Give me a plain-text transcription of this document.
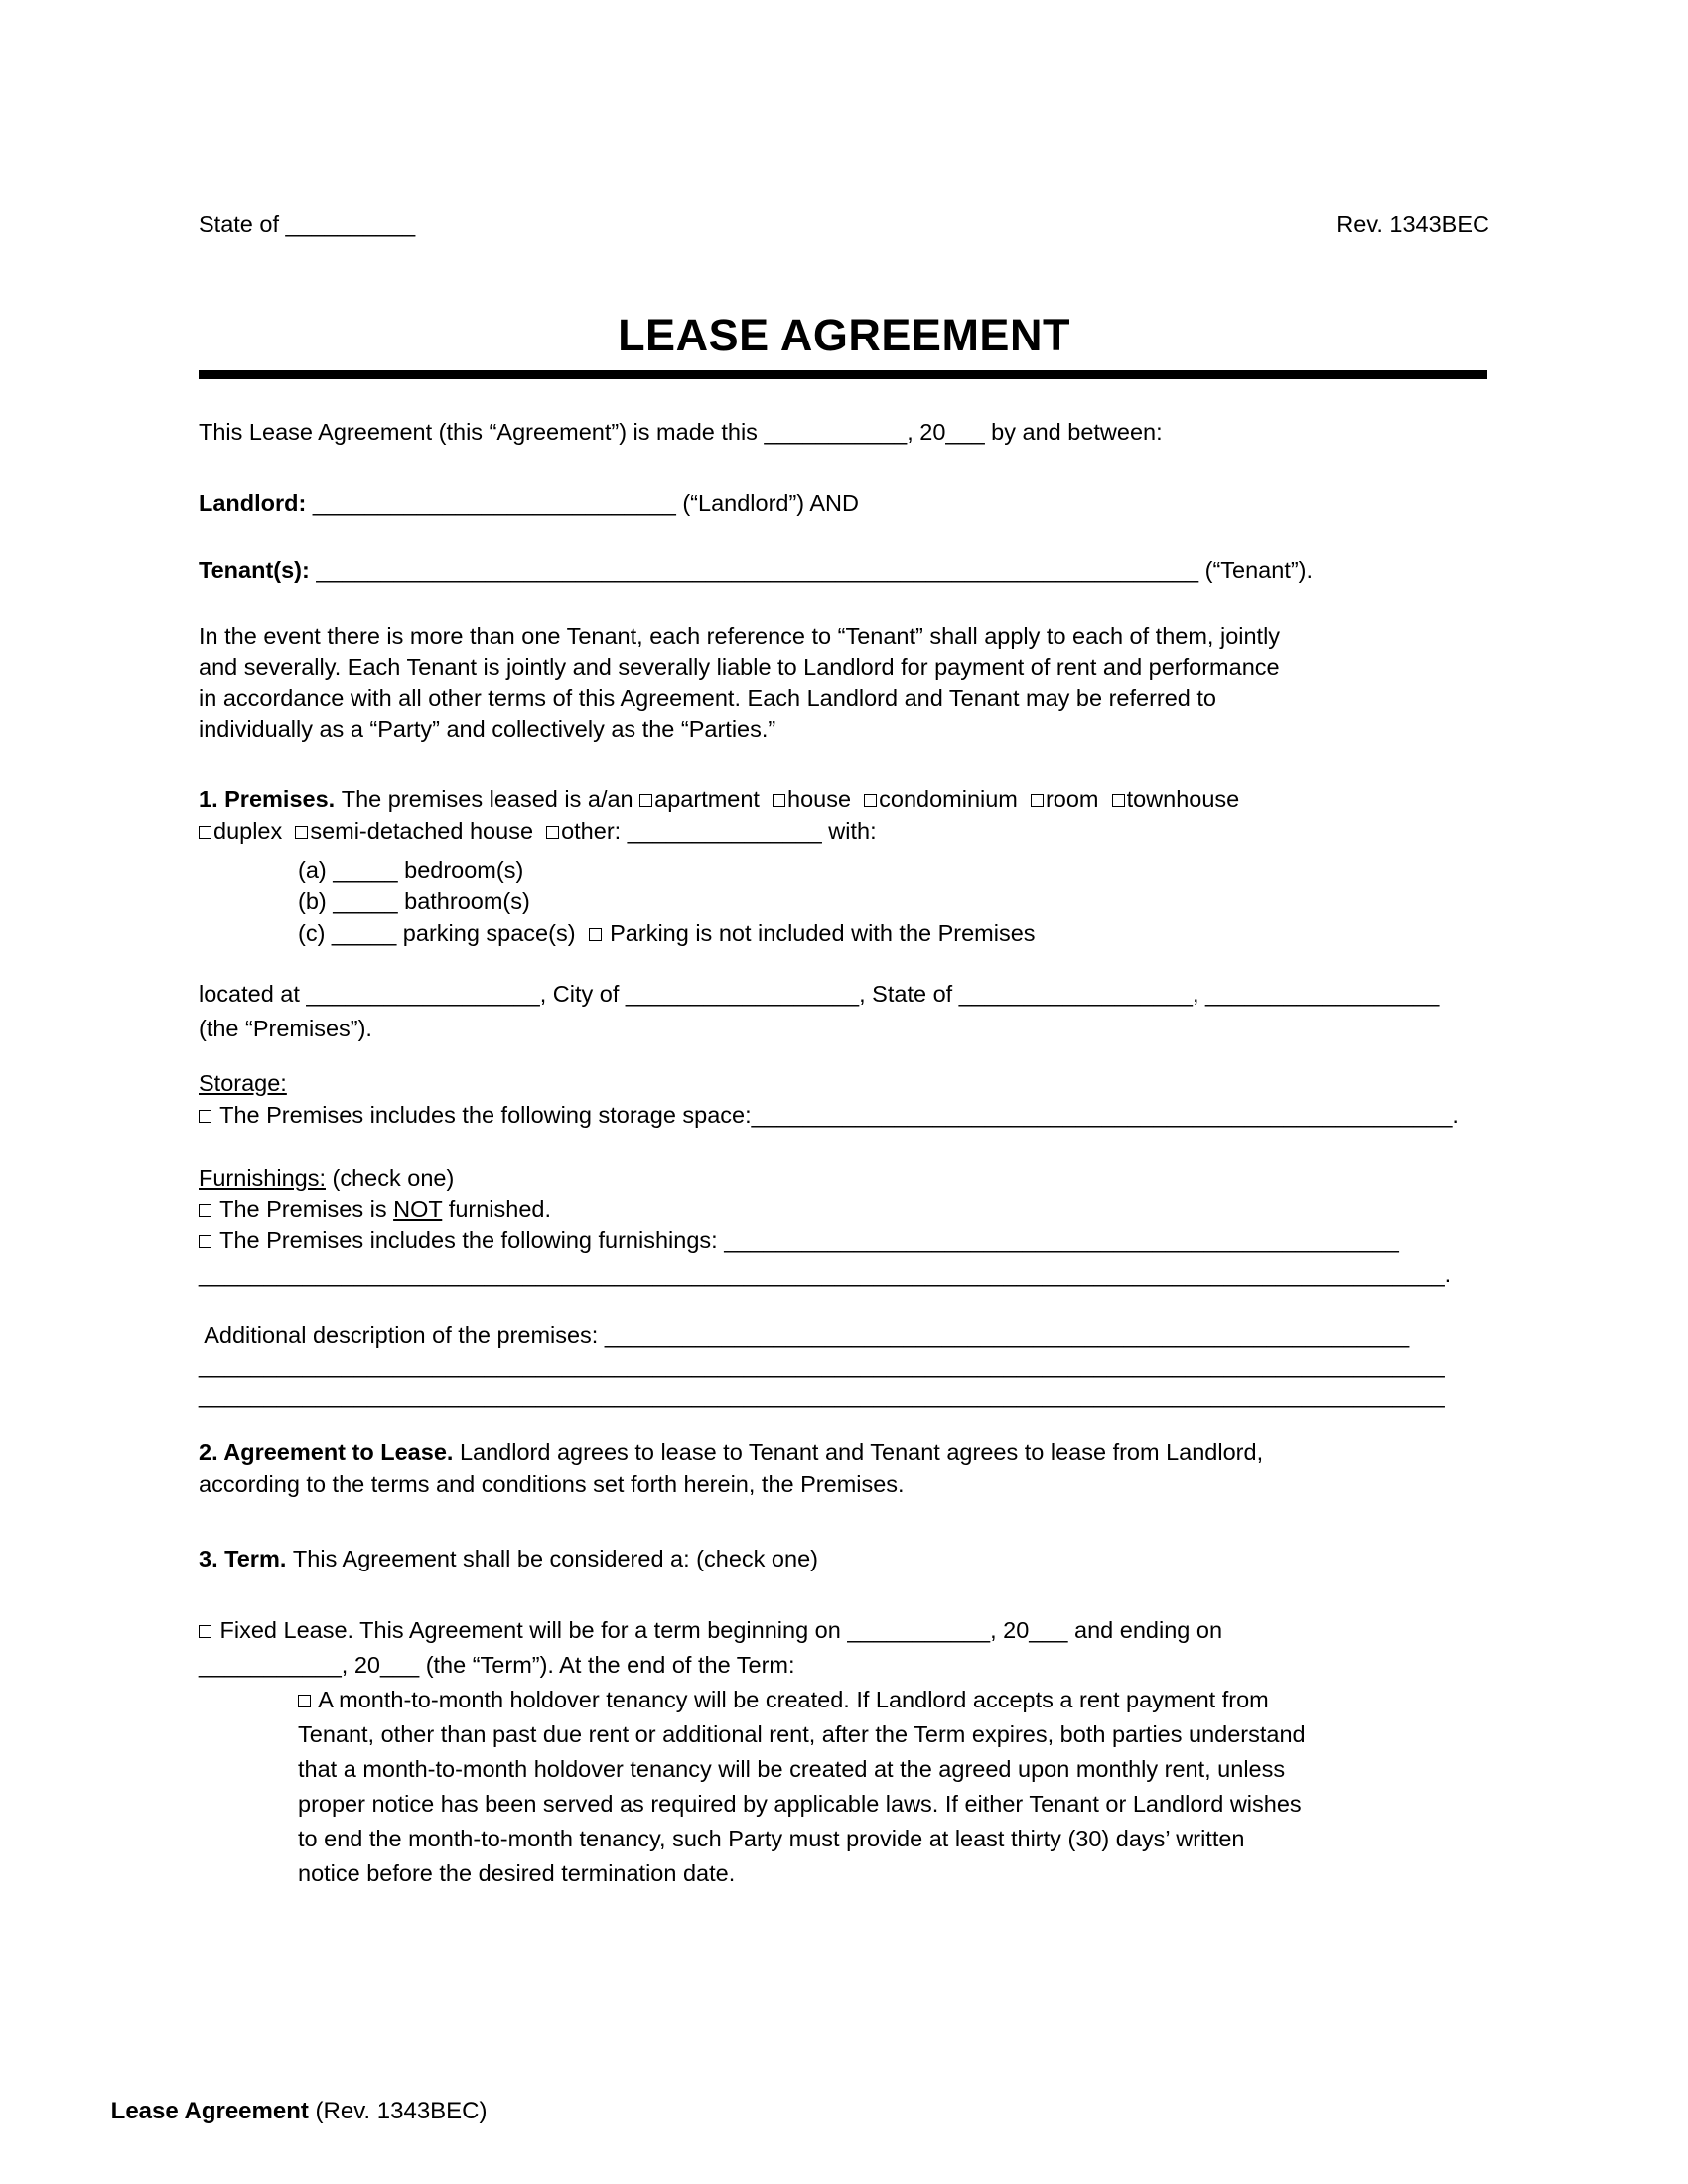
State of __________	Rev. 1343BEC
LEASE AGREEMENT
This Lease Agreement (this “Agreement”) is made this ___________, 20___ by and between:
Landlord: ____________________________ (“Landlord”) AND
Tenant(s): ____________________________________________________________________ (“Tenant”).
In the event there is more than one Tenant, each reference to “Tenant” shall apply to each of them, jointly
and severally. Each Tenant is jointly and severally liable to Landlord for payment of rent and performance
in accordance with all other terms of this Agreement. Each Landlord and Tenant may be referred to
individually as a “Party” and collectively as the “Parties.”
1. Premises. The premises leased is a/an apartment  house  condominium  room  townhouse
duplex  semi-detached house  other: _______________ with:
(a) _____ bedroom(s)
(b) _____ bathroom(s)
(c) _____ parking space(s)   Parking is not included with the Premises
located at __________________, City of __________________, State of __________________, __________________
(the “Premises”).
Storage:
The Premises includes the following storage space:______________________________________________________.
Furnishings: (check one)
The Premises is NOT furnished.
The Premises includes the following furnishings: ____________________________________________________
________________________________________________________________________________________________.
Additional description of the premises: ______________________________________________________________
________________________________________________________________________________________________
________________________________________________________________________________________________
2. Agreement to Lease. Landlord agrees to lease to Tenant and Tenant agrees to lease from Landlord,
according to the terms and conditions set forth herein, the Premises.
3. Term. This Agreement shall be considered a: (check one)
Fixed Lease. This Agreement will be for a term beginning on ___________, 20___ and ending on
___________, 20___ (the “Term”). At the end of the Term:
A month-to-month holdover tenancy will be created. If Landlord accepts a rent payment from
Tenant, other than past due rent or additional rent, after the Term expires, both parties understand
that a month-to-month holdover tenancy will be created at the agreed upon monthly rent, unless
proper notice has been served as required by applicable laws. If either Tenant or Landlord wishes
to end the month-to-month tenancy, such Party must provide at least thirty (30) days’ written
notice before the desired termination date.

Lease Agreement (Rev. 1343BEC)
